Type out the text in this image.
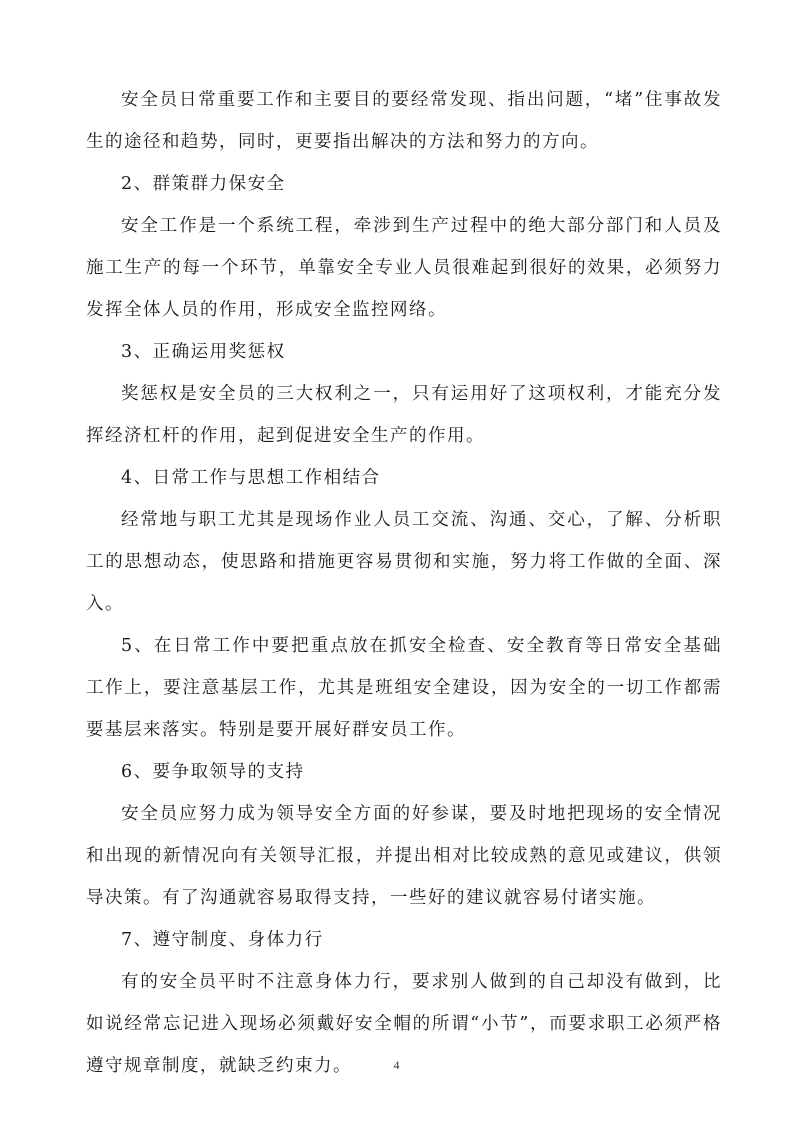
安全员日常重要工作和主要目的要经常发现、指出问题，“堵”住事故发生的途径和趋势，同时，更要指出解决的方法和努力的方向。

2、群策群力保安全

安全工作是一个系统工程，牵涉到生产过程中的绝大部分部门和人员及施工生产的每一个环节，单靠安全专业人员很难起到很好的效果，必须努力发挥全体人员的作用，形成安全监控网络。

3、正确运用奖惩权

奖惩权是安全员的三大权利之一，只有运用好了这项权利，才能充分发挥经济杠杆的作用，起到促进安全生产的作用。

4、日常工作与思想工作相结合

经常地与职工尤其是现场作业人员工交流、沟通、交心，了解、分析职工的思想动态，使思路和措施更容易贯彻和实施，努力将工作做的全面、深入。

5、在日常工作中要把重点放在抓安全检查、安全教育等日常安全基础工作上，要注意基层工作，尤其是班组安全建设，因为安全的一切工作都需要基层来落实。特别是要开展好群安员工作。

6、要争取领导的支持

安全员应努力成为领导安全方面的好参谋，要及时地把现场的安全情况和出现的新情况向有关领导汇报，并提出相对比较成熟的意见或建议，供领导决策。有了沟通就容易取得支持，一些好的建议就容易付诸实施。

7、遵守制度、身体力行

有的安全员平时不注意身体力行，要求别人做到的自己却没有做到，比如说经常忘记进入现场必须戴好安全帽的所谓“小节”，而要求职工必须严格遵守规章制度，就缺乏约束力。	4
